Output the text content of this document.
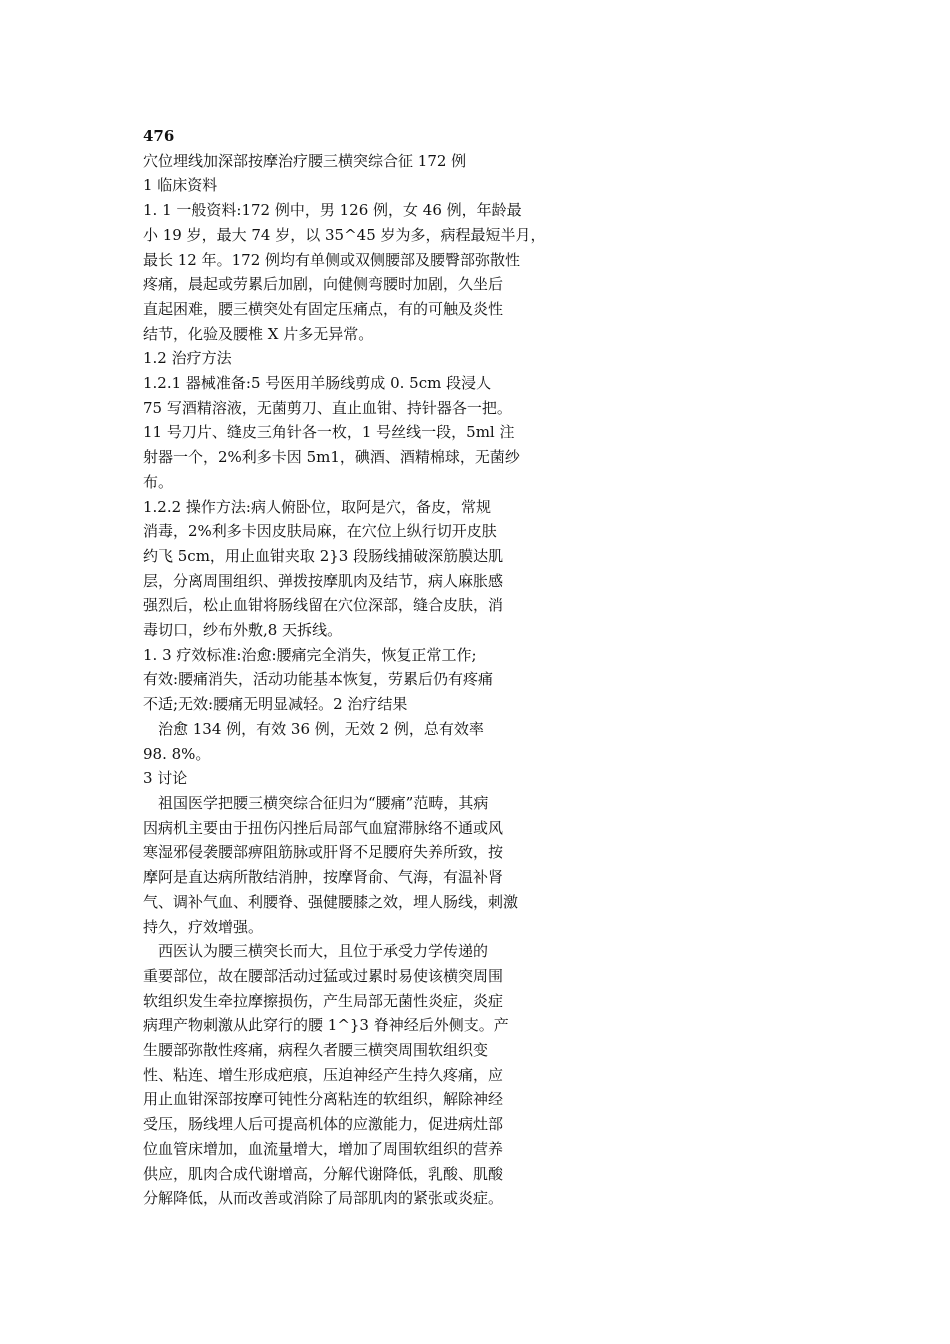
476
穴位埋线加深部按摩治疗腰三横突综合征 172 例
1 临床资料
1. 1 一般资料:172 例中，男 126 例，女 46 例，年龄最
小 19 岁，最大 74 岁，以 35^45 岁为多，病程最短半月，
最长 12 年。172 例均有单侧或双侧腰部及腰臀部弥散性
疼痛，晨起或劳累后加剧，向健侧弯腰时加剧，久坐后
直起困难，腰三横突处有固定压痛点，有的可触及炎性
结节，化验及腰椎 X 片多无异常。
1.2 治疗方法
1.2.1 器械准备:5 号医用羊肠线剪成 0. 5cm 段浸人
75 写酒精溶液，无菌剪刀、直止血钳、持针器各一把。
11 号刀片、缝皮三角针各一枚，1 号丝线一段，5ml 注
射器一个，2%利多卡因 5m1，碘酒、酒精棉球，无菌纱
布。
1.2.2 操作方法:病人俯卧位，取阿是穴，备皮，常规
消毒，2%利多卡因皮肤局麻，在穴位上纵行切开皮肤
约飞 5cm，用止血钳夹取 2}3 段肠线捕破深筋膜达肌
层，分离周围组织、弹拨按摩肌肉及结节，病人麻胀感
强烈后，松止血钳将肠线留在穴位深部，缝合皮肤，消
毒切口，纱布外敷,8 天拆线。
1. 3 疗效标准:治愈:腰痛完全消失，恢复正常工作;
有效:腰痛消失，活动功能基本恢复，劳累后仍有疼痛
不适;无效:腰痛无明显减轻。2 治疗结果
　治愈 134 例，有效 36 例，无效 2 例，总有效率
98. 8%。
3 讨论
　祖国医学把腰三横突综合征归为“腰痛”范畴，其病
因病机主要由于扭伤闪挫后局部气血窟滞脉络不通或风
寒湿邪侵袭腰部痹阻筋脉或肝肾不足腰府失养所致，按
摩阿是直达病所散结消肿，按摩肾俞、气海，有温补肾
气、调补气血、利腰脊、强健腰膝之效，埋人肠线，刺激
持久，疗效增强。
　西医认为腰三横突长而大，且位于承受力学传递的
重要部位，故在腰部活动过猛或过累时易使该横突周围
软组织发生牵拉摩擦损伤，产生局部无菌性炎症，炎症
病理产物刺激从此穿行的腰 1^}3 脊神经后外侧支。产
生腰部弥散性疼痛，病程久者腰三横突周围软组织变
性、粘连、增生形成疤痕，压迫神经产生持久疼痛，应
用止血钳深部按摩可钝性分离粘连的软组织，解除神经
受压，肠线埋人后可提高机体的应激能力，促进病灶部
位血管床增加，血流量增大，增加了周围软组织的营养
供应，肌肉合成代谢增高，分解代谢降低，乳酸、肌酸
分解降低，从而改善或消除了局部肌肉的紧张或炎症。
